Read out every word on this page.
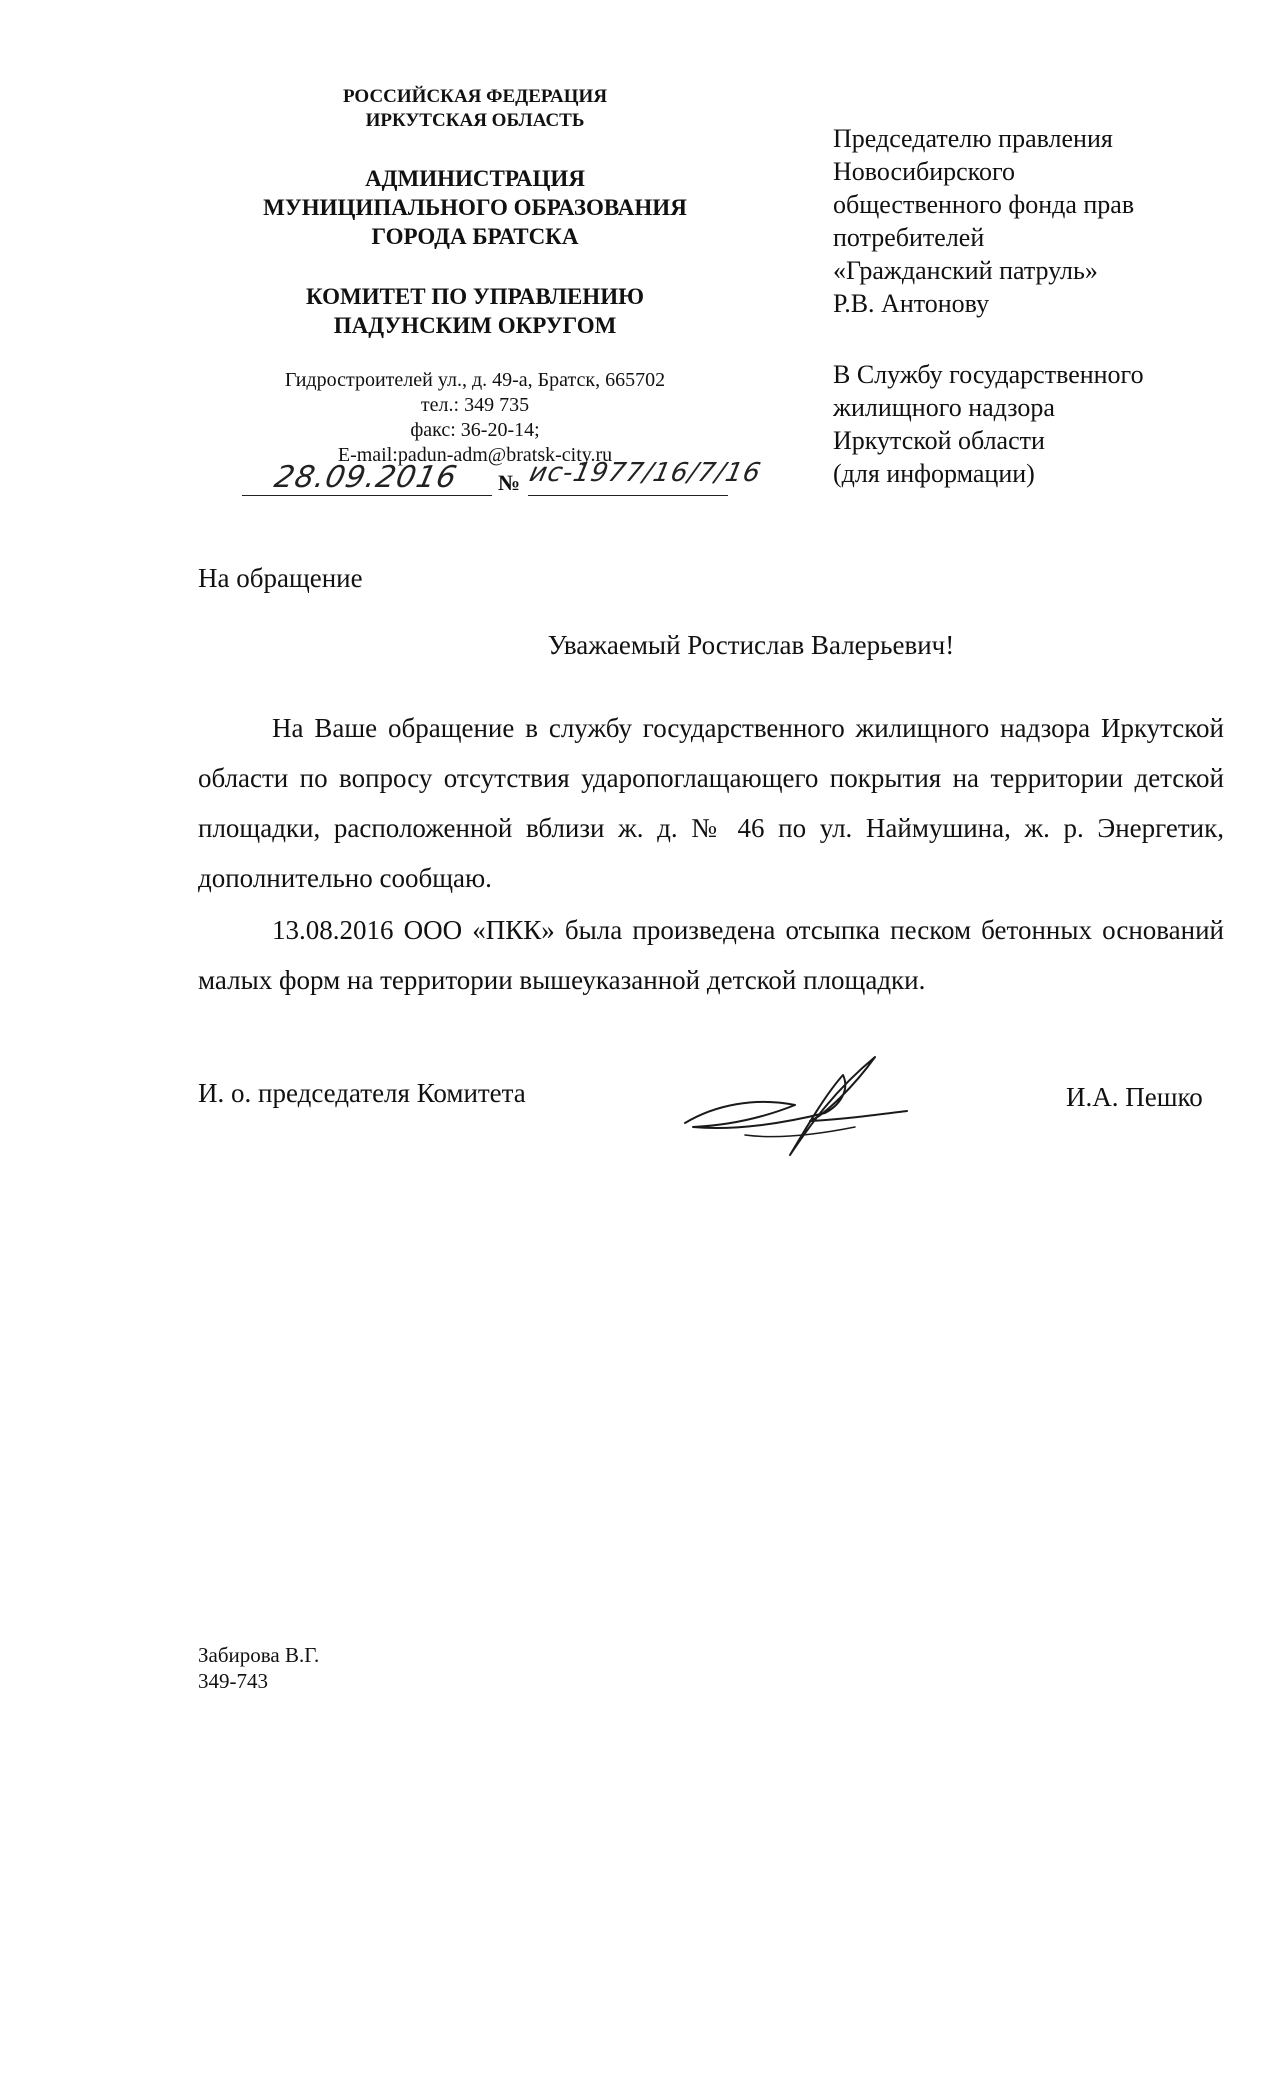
РОССИЙСКАЯ ФЕДЕРАЦИЯ
ИРКУТСКАЯ ОБЛАСТЬ
АДМИНИСТРАЦИЯ
МУНИЦИПАЛЬНОГО ОБРАЗОВАНИЯ
ГОРОДА БРАТСКА
КОМИТЕТ ПО УПРАВЛЕНИЮ
ПАДУНСКИМ ОКРУГОМ
Гидростроителей ул., д. 49-а, Братск, 665702
тел.: 349 735
факс: 36-20-14;
E-mail:padun-adm@bratsk-city.ru
28.09.2016 № ис-1977/16/7/16
Председателю правления
Новосибирского
общественного фонда прав
потребителей
«Гражданский патруль»
Р.В. Антонову
В Службу государственного
жилищного надзора
Иркутской области
(для информации)
На обращение
Уважаемый Ростислав Валерьевич!
На Ваше обращение в службу государственного жилищного надзора Иркутской области по вопросу отсутствия ударопоглащающего покрытия на территории детской площадки, расположенной вблизи ж. д. № 46 по ул. Наймушина, ж. р. Энергетик, дополнительно сообщаю.
13.08.2016 ООО «ПКК» была произведена отсыпка песком бетонных оснований малых форм на территории вышеуказанной детской площадки.
И. о. председателя Комитета	И.А. Пешко
Забирова В.Г.
349-743
